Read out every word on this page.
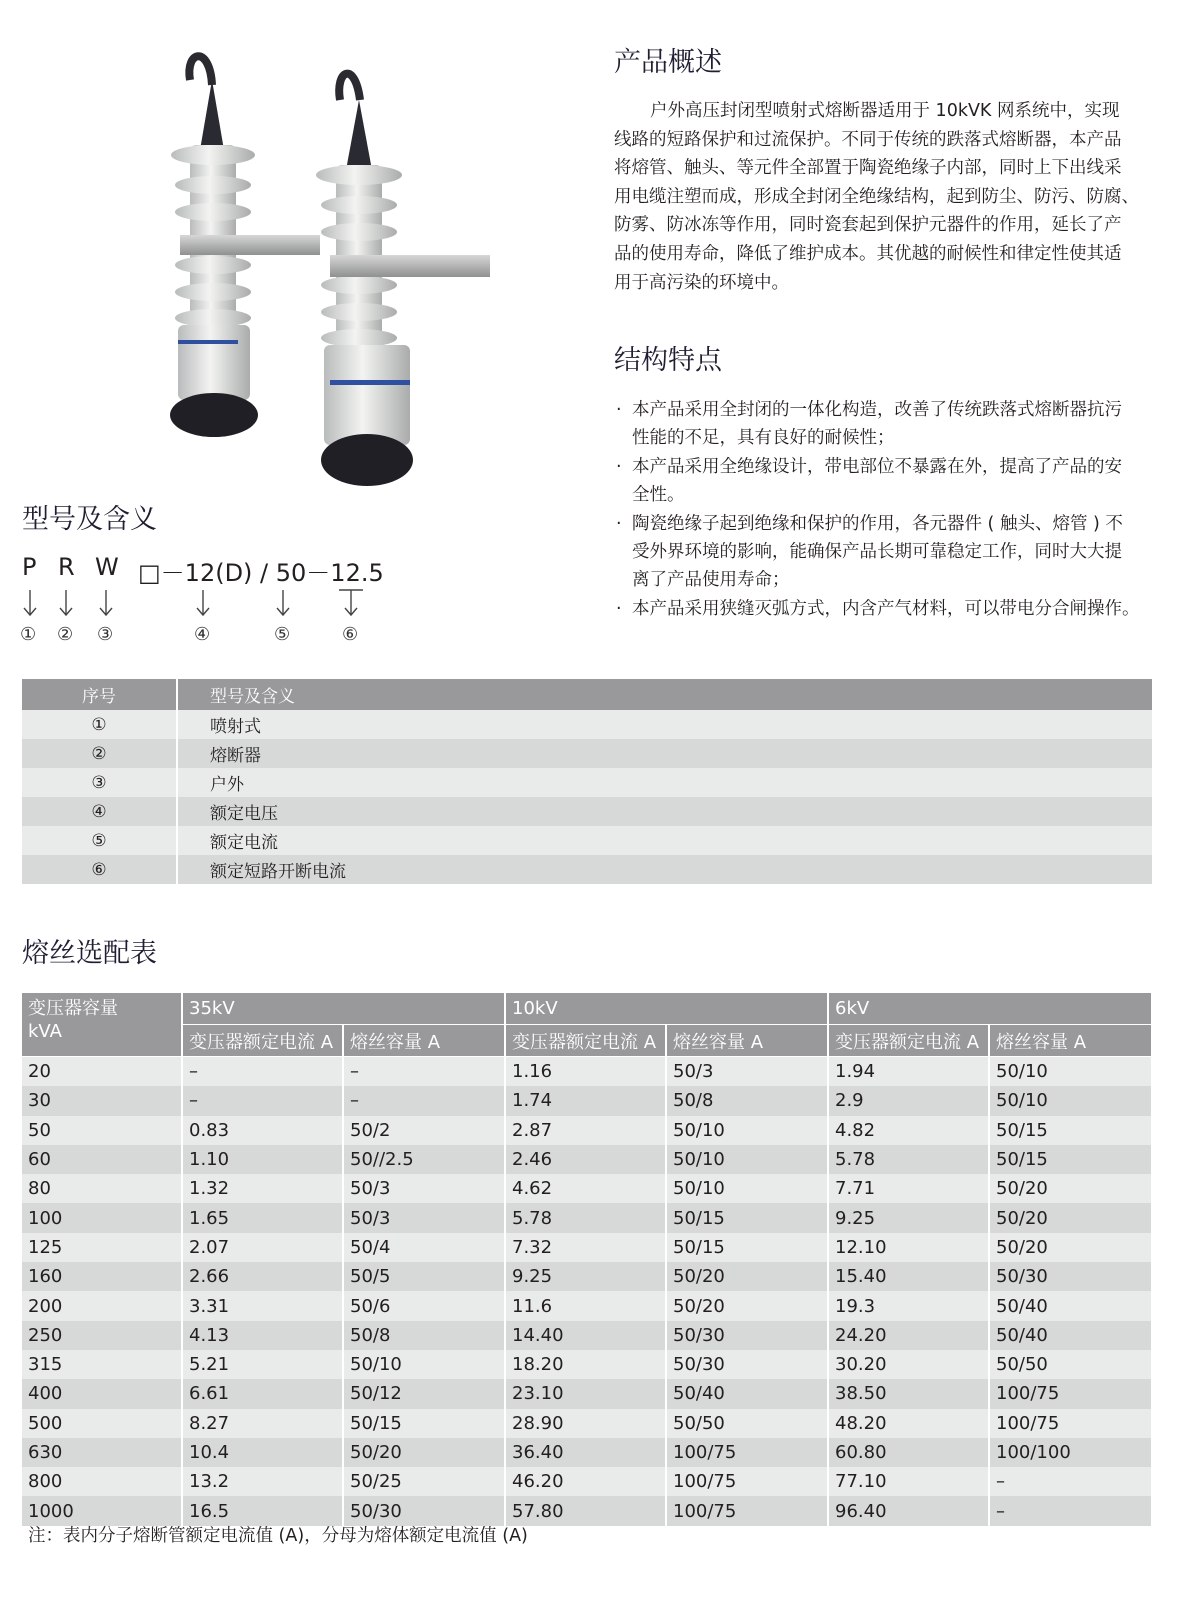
产品概述
户外高压封闭型喷射式熔断器适用于 10kVK 网系统中，实现
线路的短路保护和过流保护。不同于传统的跌落式熔断器，本产品
将熔管、触头、等元件全部置于陶瓷绝缘子内部，同时上下出线采
用电缆注塑而成，形成全封闭全绝缘结构，起到防尘、防污、防腐、
防雾、防冰冻等作用，同时瓷套起到保护元器件的作用，延长了产
品的使用寿命，降低了维护成本。其优越的耐候性和律定性使其适
用于高污染的环境中。
结构特点
· 本产品采用全封闭的一体化构造，改善了传统跌落式熔断器抗污
性能的不足，具有良好的耐候性；
· 本产品采用全绝缘设计，带电部位不暴露在外，提高了产品的安
全性。
· 陶瓷绝缘子起到绝缘和保护的作用，各元器件 ( 触头、熔管 ) 不
受外界环境的影响，能确保产品长期可靠稳定工作，同时大大提
离了产品使用寿命；
· 本产品采用狭缝灭弧方式，内含产气材料，可以带电分合闸操作。
型号及含义
P R W □－12(D) / 50－12.5
① ② ③	④	⑤	⑥
序号	型号及含义
①	喷射式
②	熔断器
③	户外
④	额定电压
⑤	额定电流
⑥	额定短路开断电流
熔丝选配表
变压器容量
kVA	35kV		10kV		6kV	
	变压器额定电流 A	熔丝容量 A	变压器额定电流 A	熔丝容量 A	变压器额定电流 A	熔丝容量 A
20	–	–	1.16	50/3	1.94	50/10
30	–	–	1.74	50/8	2.9	50/10
50	0.83	50/2	2.87	50/10	4.82	50/15
60	1.10	50//2.5	2.46	50/10	5.78	50/15
80	1.32	50/3	4.62	50/10	7.71	50/20
100	1.65	50/3	5.78	50/15	9.25	50/20
125	2.07	50/4	7.32	50/15	12.10	50/20
160	2.66	50/5	9.25	50/20	15.40	50/30
200	3.31	50/6	11.6	50/20	19.3	50/40
250	4.13	50/8	14.40	50/30	24.20	50/40
315	5.21	50/10	18.20	50/30	30.20	50/50
400	6.61	50/12	23.10	50/40	38.50	100/75
500	8.27	50/15	28.90	50/50	48.20	100/75
630	10.4	50/20	36.40	100/75	60.80	100/100
800	13.2	50/25	46.20	100/75	77.10	–
1000	16.5	50/30	57.80	100/75	96.40	–
注：表内分子熔断管额定电流值 (A)，分母为熔体额定电流值 (A)
